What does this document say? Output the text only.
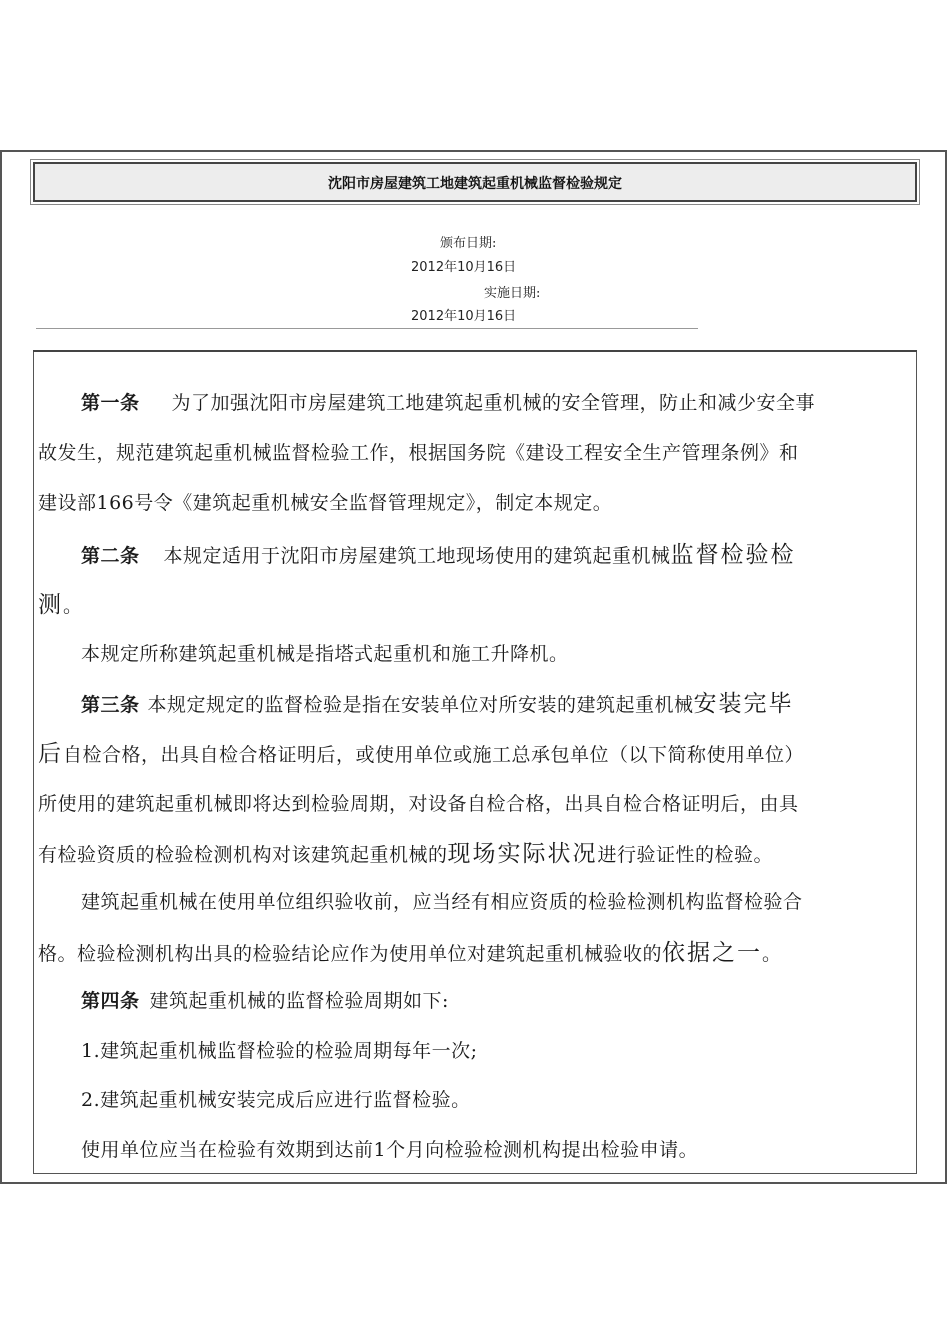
沈阳市房屋建筑工地建筑起重机械监督检验规定
颁布日期:
2012年10月16日
实施日期:
2012年10月16日
第一条 为了加强沈阳市房屋建筑工地建筑起重机械的安全管理，防止和减少安全事
故发生，规范建筑起重机械监督检验工作，根据国务院《建设工程安全生产管理条例》和
建设部166号令《建筑起重机械安全监督管理规定》，制定本规定。
第二条 本规定适用于沈阳市房屋建筑工地现场使用的建筑起重机械监督检验检
测。
本规定所称建筑起重机械是指塔式起重机和施工升降机。
第三条 本规定规定的监督检验是指在安装单位对所安装的建筑起重机械安装完毕
后自检合格，出具自检合格证明后，或使用单位或施工总承包单位（以下简称使用单位）
所使用的建筑起重机械即将达到检验周期，对设备自检合格，出具自检合格证明后，由具
有检验资质的检验检测机构对该建筑起重机械的现场实际状况进行验证性的检验。
建筑起重机械在使用单位组织验收前，应当经有相应资质的检验检测机构监督检验合
格。检验检测机构出具的检验结论应作为使用单位对建筑起重机械验收的依据之一。
第四条 建筑起重机械的监督检验周期如下:
1.建筑起重机械监督检验的检验周期每年一次;
2.建筑起重机械安装完成后应进行监督检验。
使用单位应当在检验有效期到达前1个月向检验检测机构提出检验申请。
